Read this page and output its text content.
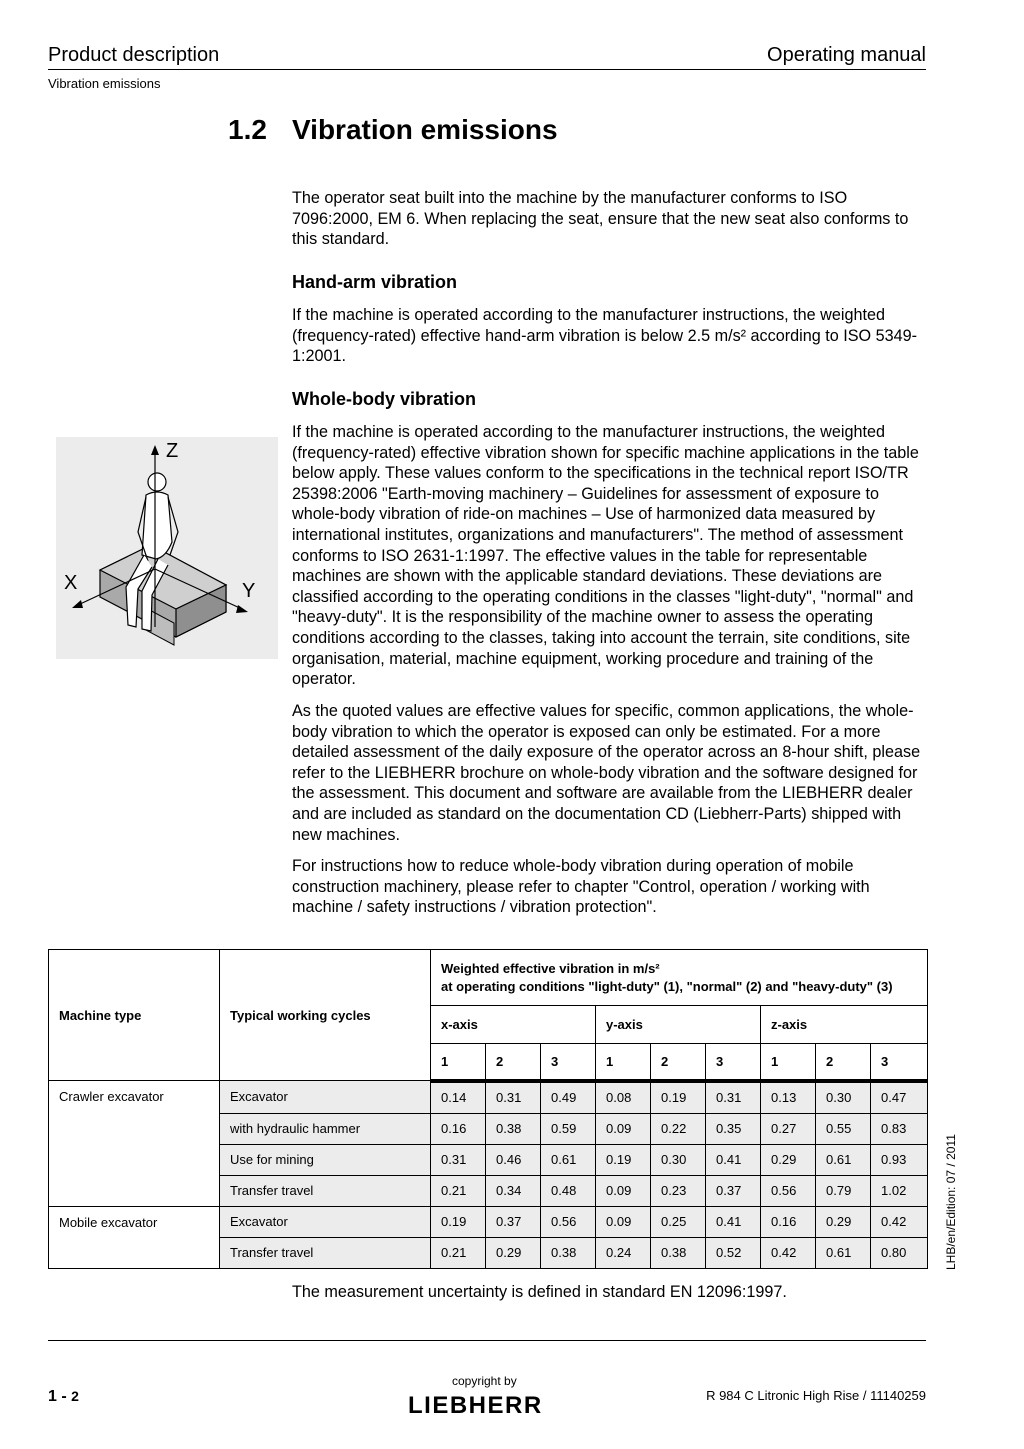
Product description	Operating manual
Vibration emissions
1.2 Vibration emissions

The operator seat built into the machine by the manufacturer conforms to ISO 7096:2000, EM 6. When replacing the seat, ensure that the new seat also conforms to this standard.

Hand-arm vibration

If the machine is operated according to the manufacturer instructions, the weighted (frequency-rated) effective hand-arm vibration is below 2.5 m/s² according to ISO 5349-1:2001.

Whole-body vibration

If the machine is operated according to the manufacturer instructions, the weighted (frequency-rated) effective vibration shown for specific machine applications in the table below apply. These values conform to the specifications in the technical report ISO/TR 25398:2006 "Earth-moving machinery – Guidelines for assessment of exposure to whole-body vibration of ride-on machines – Use of harmonized data measured by international institutes, organizations and manufacturers". The method of assessment conforms to ISO 2631-1:1997. The effective values in the table for representable machines are shown with the applicable standard deviations. These deviations are classified according to the operating conditions in the classes "light-duty", "normal" and "heavy-duty". It is the responsibility of the machine owner to assess the operating conditions according to the classes, taking into account the terrain, site conditions, site organisation, material, machine equipment, working procedure and training of the operator.

As the quoted values are effective values for specific, common applications, the whole-body vibration to which the operator is exposed can only be estimated. For a more detailed assessment of the daily exposure of the operator across an 8-hour shift, please refer to the LIEBHERR brochure on whole-body vibration and the software designed for the assessment. This document and software are available from the LIEBHERR dealer and are included as standard on the documentation CD (Liebherr-Parts) shipped with new machines.

For instructions how to reduce whole-body vibration during operation of mobile construction machinery, please refer to chapter "Control, operation / working with machine / safety instructions / vibration protection".

Z
X	Y
Machine type	Typical working cycles	Weighted effective vibration in m/s²
at operating conditions "light-duty" (1), "normal" (2) and "heavy-duty" (3)								

		x-axis			y-axis			z-axis		
		1	2	3	1	2	3	1	2	3
Crawler excavator	Excavator	0.14	0.31	0.49	0.08	0.19	0.31	0.13	0.30	0.47
	with hydraulic hammer	0.16	0.38	0.59	0.09	0.22	0.35	0.27	0.55	0.83
	Use for mining	0.31	0.46	0.61	0.19	0.30	0.41	0.29	0.61	0.93
	Transfer travel	0.21	0.34	0.48	0.09	0.23	0.37	0.56	0.79	1.02
Mobile excavator	Excavator	0.19	0.37	0.56	0.09	0.25	0.41	0.16	0.29	0.42
	Transfer travel	0.21	0.29	0.38	0.24	0.38	0.52	0.42	0.61	0.80
The measurement uncertainty is defined in standard EN 12096:1997.
LHB/en/Edition: 07 / 2011
1 - 2
copyright by
LIEBHERR	R 984 C Litronic High Rise / 11140259
